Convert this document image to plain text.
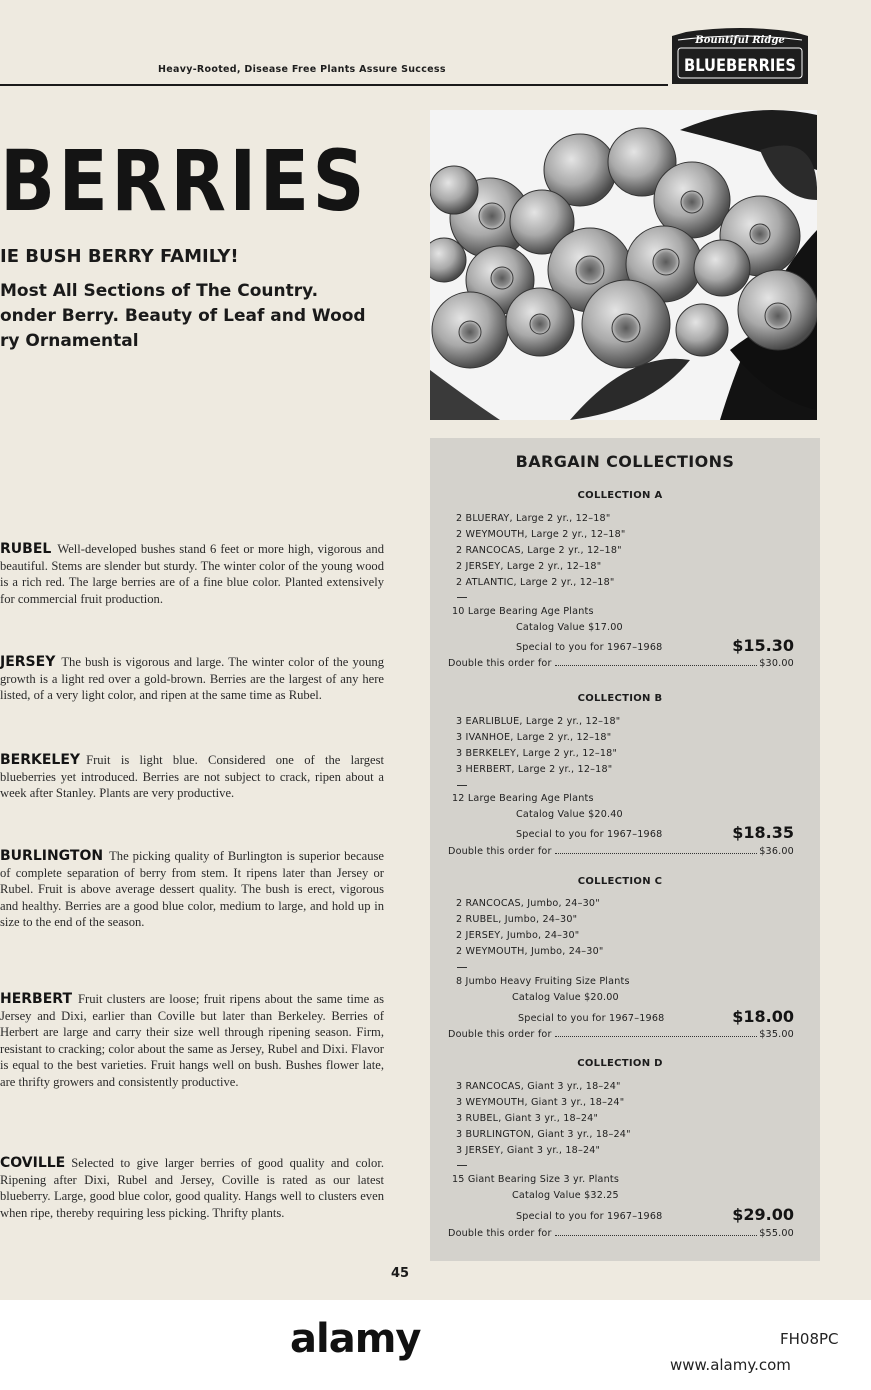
Heavy-Rooted, Disease Free Plants Assure Success
Bountiful Ridge
BLUEBERRIES
BERRIES
IE BUSH BERRY FAMILY!
Most All Sections of The Country.
onder Berry. Beauty of Leaf and Wood
ry Ornamental
RUBEL Well-developed bushes stand 6 feet or more high, vigorous and beautiful. Stems are slender but sturdy. The winter color of the young wood is a rich red. The large berries are of a fine blue color. Planted extensively for commercial fruit production.
JERSEY The bush is vigorous and large. The winter color of the young growth is a light red over a gold-brown. Berries are the largest of any here listed, of a very light color, and ripen at the same time as Rubel.
BERKELEY Fruit is light blue. Considered one of the largest blueberries yet introduced. Berries are not subject to crack, ripen about a week after Stanley. Plants are very productive.
BURLINGTON The picking quality of Burlington is superior because of complete separation of berry from stem. It ripens later than Jersey or Rubel. Fruit is above average dessert quality. The bush is erect, vigorous and healthy. Berries are a good blue color, medium to large, and hold up in size to the end of the season.
HERBERT Fruit clusters are loose; fruit ripens about the same time as Jersey and Dixi, earlier than Coville but later than Berkeley. Berries of Herbert are large and carry their size well through ripening season. Firm, resistant to cracking; color about the same as Jersey, Rubel and Dixi. Flavor is equal to the best varieties. Fruit hangs well on bush. Bushes flower late, are thrifty growers and consistently productive.
COVILLE Selected to give larger berries of good quality and color. Ripening after Dixi, Rubel and Jersey, Coville is rated as our latest blueberry. Large, good blue color, good quality. Hangs well to clusters even when ripe, thereby requiring less picking. Thrifty plants.
BARGAIN COLLECTIONS
COLLECTION A
2 BLUERAY, Large 2 yr., 12–18"
2 WEYMOUTH, Large 2 yr., 12–18"
2 RANCOCAS, Large 2 yr., 12–18"
2 JERSEY, Large 2 yr., 12–18"
2 ATLANTIC, Large 2 yr., 12–18"
10 Large Bearing Age Plants
Catalog Value $17.00
Special to you for 1967–1968	$15.30
Double this order for	$30.00
COLLECTION B
3 EARLIBLUE, Large 2 yr., 12–18"
3 IVANHOE, Large 2 yr., 12–18"
3 BERKELEY, Large 2 yr., 12–18"
3 HERBERT, Large 2 yr., 12–18"
12 Large Bearing Age Plants
Catalog Value $20.40
Special to you for 1967–1968	$18.35
Double this order for	$36.00
COLLECTION C
2 RANCOCAS, Jumbo, 24–30"
2 RUBEL, Jumbo, 24–30"
2 JERSEY, Jumbo, 24–30"
2 WEYMOUTH, Jumbo, 24–30"
8 Jumbo Heavy Fruiting Size Plants
Catalog Value $20.00
Special to you for 1967–1968	$18.00
Double this order for	$35.00
COLLECTION D
3 RANCOCAS, Giant 3 yr., 18–24"
3 WEYMOUTH, Giant 3 yr., 18–24"
3 RUBEL, Giant 3 yr., 18–24"
3 BURLINGTON, Giant 3 yr., 18–24"
3 JERSEY, Giant 3 yr., 18–24"
15 Giant Bearing Size 3 yr. Plants
Catalog Value $32.25
Special to you for 1967–1968	$29.00
Double this order for	$55.00
45
alamy	FH08PC
www.alamy.com
